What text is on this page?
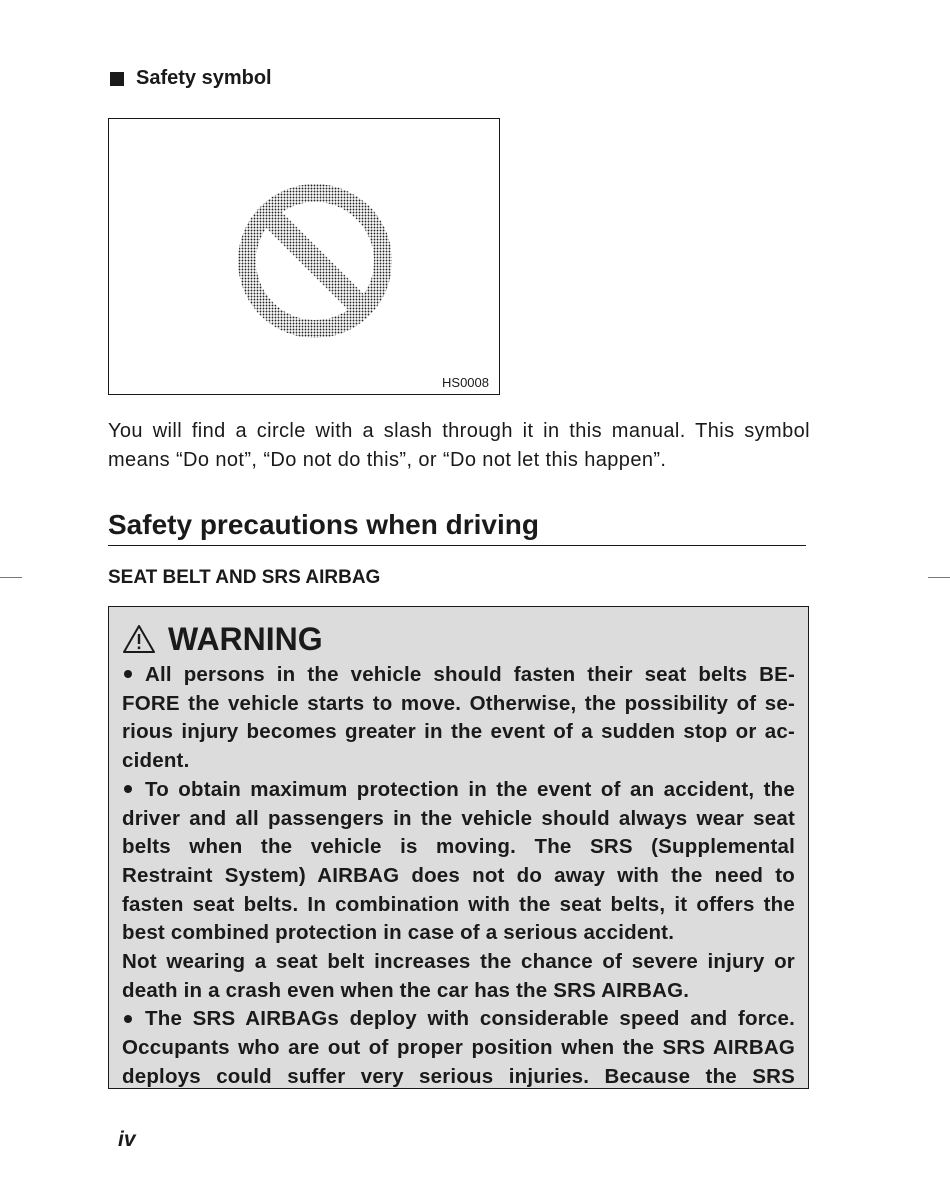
Safety symbol
HS0008
You will find a circle with a slash through it in this manual. This symbol
means “Do not”, “Do not do this”, or “Do not let this happen”.
Safety precautions when driving
SEAT BELT AND SRS AIRBAG
WARNING
All persons in the vehicle should fasten their seat belts BE-
FORE the vehicle starts to move. Otherwise, the possibility of se-
rious injury becomes greater in the event of a sudden stop or ac-
cident.
To obtain maximum protection in the event of an accident, the
driver and all passengers in the vehicle should always wear seat
belts when the vehicle is moving. The SRS (Supplemental
Restraint System) AIRBAG does not do away with the need to
fasten seat belts. In combination with the seat belts, it offers the
best combined protection in case of a serious accident.
Not wearing a seat belt increases the chance of severe injury or
death in a crash even when the car has the SRS AIRBAG.
The SRS AIRBAGs deploy with considerable speed and force.
Occupants who are out of proper position when the SRS AIRBAG
deploys could suffer very serious injuries. Because the SRS
iv
